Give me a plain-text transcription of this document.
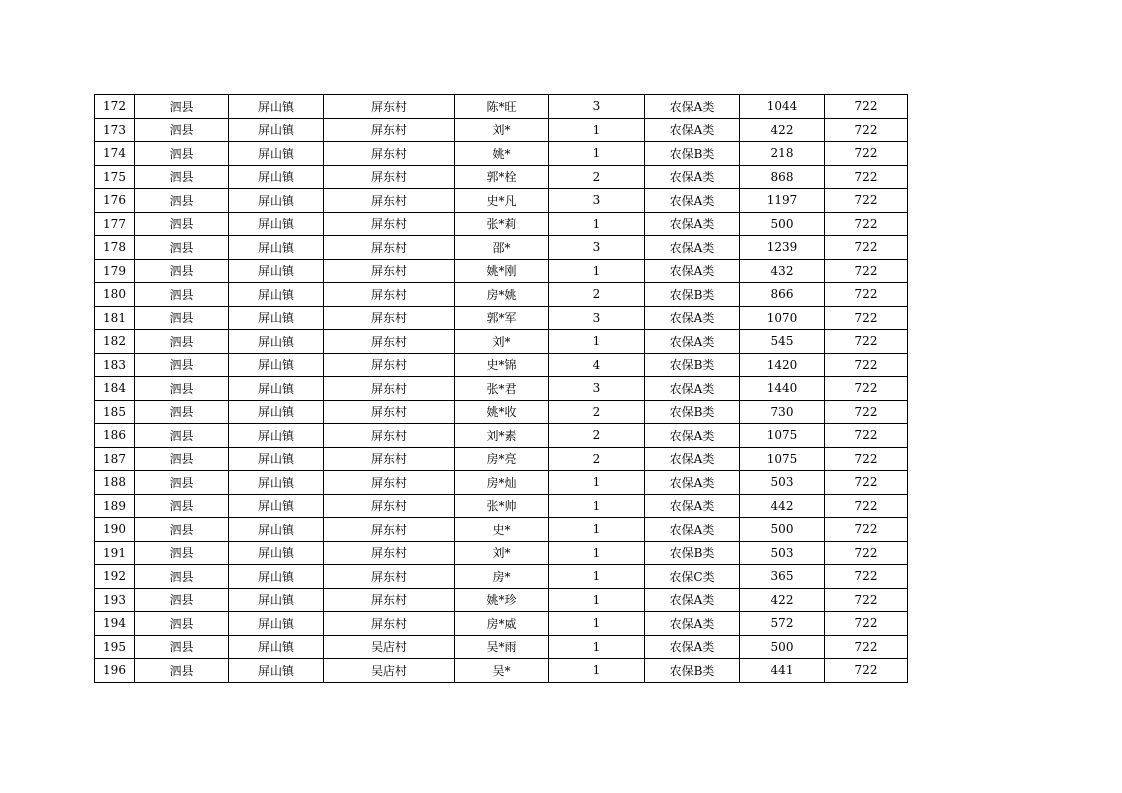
172	泗县	屏山镇	屏东村	陈*旺	3	农保A类	1044	722
173	泗县	屏山镇	屏东村	刘*	1	农保A类	422	722
174	泗县	屏山镇	屏东村	姚*	1	农保B类	218	722
175	泗县	屏山镇	屏东村	郭*栓	2	农保A类	868	722
176	泗县	屏山镇	屏东村	史*凡	3	农保A类	1197	722
177	泗县	屏山镇	屏东村	张*莉	1	农保A类	500	722
178	泗县	屏山镇	屏东村	邵*	3	农保A类	1239	722
179	泗县	屏山镇	屏东村	姚*刚	1	农保A类	432	722
180	泗县	屏山镇	屏东村	房*姚	2	农保B类	866	722
181	泗县	屏山镇	屏东村	郭*军	3	农保A类	1070	722
182	泗县	屏山镇	屏东村	刘*	1	农保A类	545	722
183	泗县	屏山镇	屏东村	史*锦	4	农保B类	1420	722
184	泗县	屏山镇	屏东村	张*君	3	农保A类	1440	722
185	泗县	屏山镇	屏东村	姚*收	2	农保B类	730	722
186	泗县	屏山镇	屏东村	刘*素	2	农保A类	1075	722
187	泗县	屏山镇	屏东村	房*亮	2	农保A类	1075	722
188	泗县	屏山镇	屏东村	房*灿	1	农保A类	503	722
189	泗县	屏山镇	屏东村	张*帅	1	农保A类	442	722
190	泗县	屏山镇	屏东村	史*	1	农保A类	500	722
191	泗县	屏山镇	屏东村	刘*	1	农保B类	503	722
192	泗县	屏山镇	屏东村	房*	1	农保C类	365	722
193	泗县	屏山镇	屏东村	姚*珍	1	农保A类	422	722
194	泗县	屏山镇	屏东村	房*威	1	农保A类	572	722
195	泗县	屏山镇	吴店村	吴*雨	1	农保A类	500	722
196	泗县	屏山镇	吴店村	吴*	1	农保B类	441	722
